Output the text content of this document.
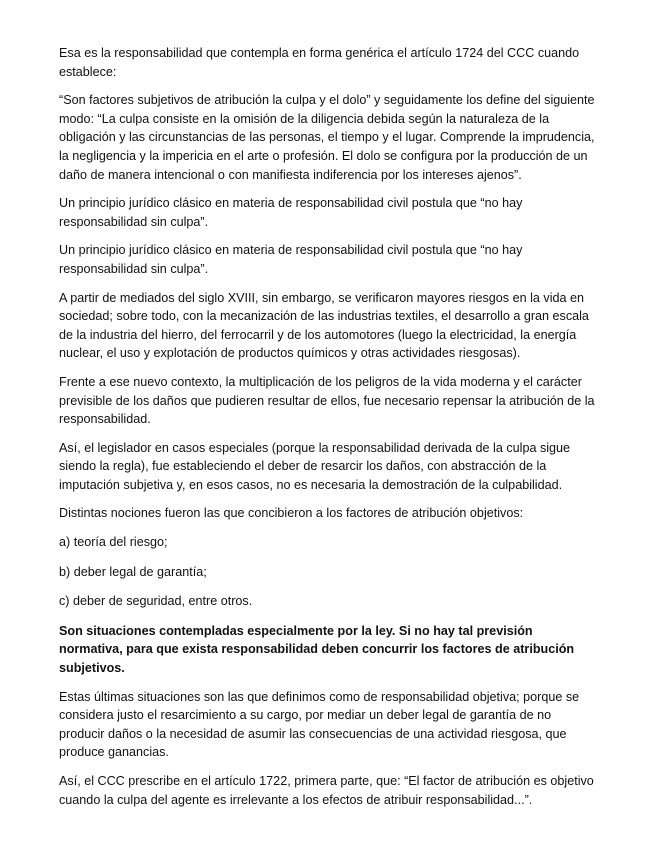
Esa es la responsabilidad que contempla en forma genérica el artículo 1724 del CCC cuando establece:

“Son factores subjetivos de atribución la culpa y el dolo” y seguidamente los define del siguiente modo: “La culpa consiste en la omisión de la diligencia debida según la naturaleza de la obligación y las circunstancias de las personas, el tiempo y el lugar. Comprende la imprudencia, la negligencia y la impericia en el arte o profesión. El dolo se configura por la producción de un daño de manera intencional o con manifiesta indiferencia por los intereses ajenos”.

Un principio jurídico clásico en materia de responsabilidad civil postula que “no hay responsabilidad sin culpa”.

Un principio jurídico clásico en materia de responsabilidad civil postula que “no hay responsabilidad sin culpa”.

A partir de mediados del siglo XVIII, sin embargo, se verificaron mayores riesgos en la vida en sociedad; sobre todo, con la mecanización de las industrias textiles, el desarrollo a gran escala de la industria del hierro, del ferrocarril y de los automotores (luego la electricidad, la energía nuclear, el uso y explotación de productos químicos y otras actividades riesgosas).

Frente a ese nuevo contexto, la multiplicación de los peligros de la vida moderna y el carácter previsible de los daños que pudieren resultar de ellos, fue necesario repensar la atribución de la responsabilidad.

Así, el legislador en casos especiales (porque la responsabilidad derivada de la culpa sigue siendo la regla), fue estableciendo el deber de resarcir los daños, con abstracción de la imputación subjetiva y, en esos casos, no es necesaria la demostración de la culpabilidad.

Distintas nociones fueron las que concibieron a los factores de atribución objetivos:

a) teoría del riesgo;

b) deber legal de garantía;

c) deber de seguridad, entre otros.

Son situaciones contempladas especialmente por la ley. Si no hay tal previsión normativa, para que exista responsabilidad deben concurrir los factores de atribución subjetivos.

Estas últimas situaciones son las que definimos como de responsabilidad objetiva; porque se considera justo el resarcimiento a su cargo, por mediar un deber legal de garantía de no producir daños o la necesidad de asumir las consecuencias de una actividad riesgosa, que produce ganancias.

Así, el CCC prescribe en el artículo 1722, primera parte, que: “El factor de atribución es objetivo cuando la culpa del agente es irrelevante a los efectos de atribuir responsabilidad...”.
